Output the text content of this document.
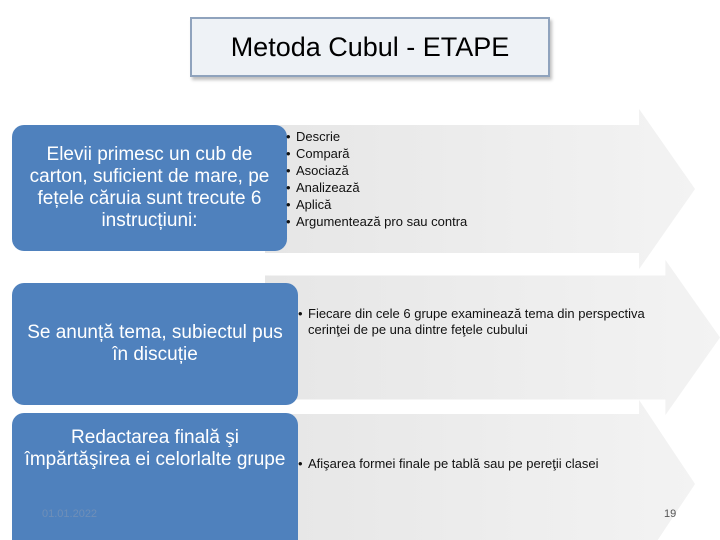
Metoda Cubul - ETAPE
Elevii primesc un cub de carton, suficient de mare, pe fețele căruia sunt trecute 6 instrucțiuni:
Se anunță tema, subiectul pus în discuție
Redactarea finală şi împărtăşirea ei celorlalte grupe
• Descrie
• Compară
• Asociază
• Analizează
• Aplică
• Argumentează pro sau contra
• Fiecare din cele 6 grupe examinează tema din perspectiva cerinţei de pe una dintre feţele cubului
• Afişarea formei finale pe tablă sau pe pereţii clasei
01.01.2022	19
